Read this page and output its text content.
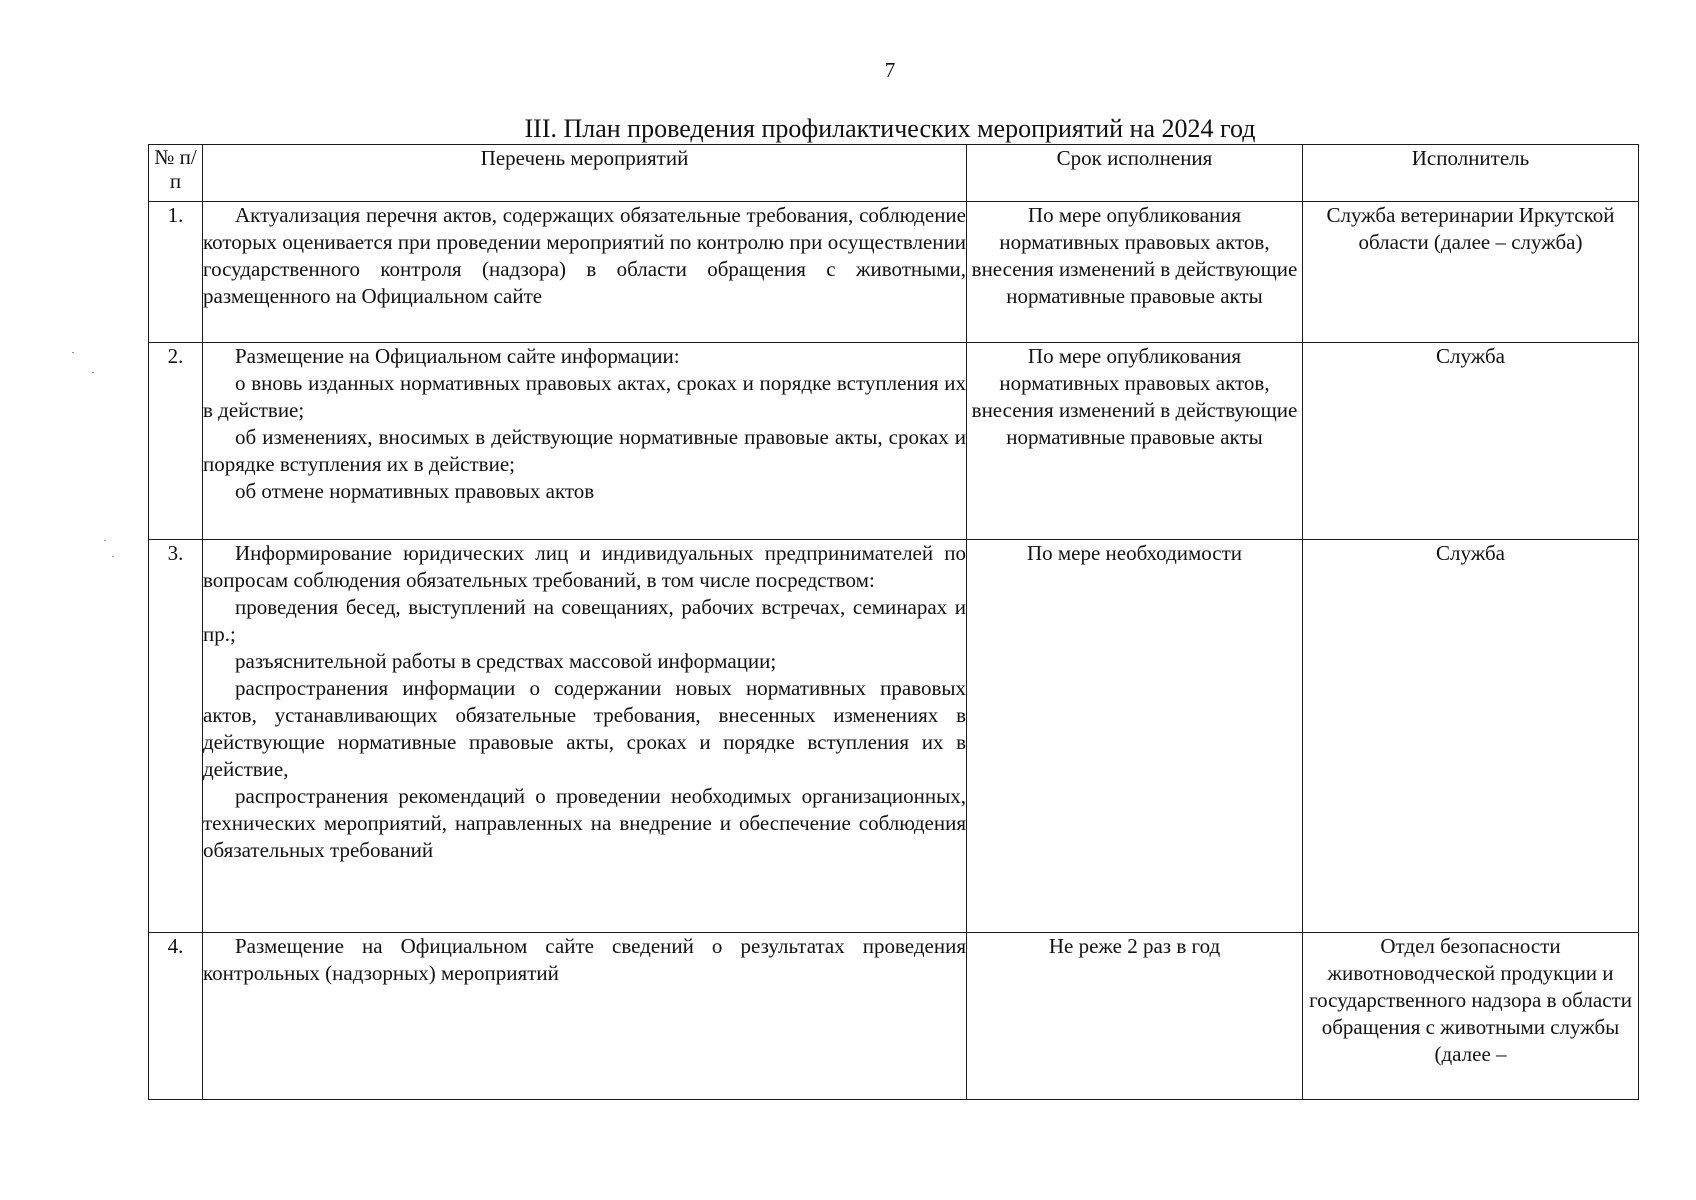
7
III. План проведения профилактических мероприятий на 2024 год
№ п/п	Перечень мероприятий	Срок исполнения	Исполнитель
1.	Актуализация перечня актов, содержащих обязательные требования, соблюдение которых оценивается при проведении мероприятий по контролю при осуществлении государственного контроля (надзора) в области обращения с животными, размещенного на Официальном сайте	По мере опубликования нормативных правовых актов, внесения изменений в действующие нормативные правовые акты	Служба ветеринарии Иркутской области (далее – служба)
2.	Размещение на Официальном сайте информации:

о вновь изданных нормативных правовых актах, сроках и порядке вступления их в действие;

об изменениях, вносимых в действующие нормативные правовые акты, сроках и порядке вступления их в действие;

об отмене нормативных правовых актов	По мере опубликования нормативных правовых актов, внесения изменений в действующие нормативные правовые акты	Служба
3.	Информирование юридических лиц и индивидуальных предпринимателей по вопросам соблюдения обязательных требований, в том числе посредством:

проведения бесед, выступлений на совещаниях, рабочих встречах, семинарах и пр.;

разъяснительной работы в средствах массовой информации;

распространения информации о содержании новых нормативных правовых актов, устанавливающих обязательные требования, внесенных изменениях в действующие нормативные правовые акты, сроках и порядке вступления их в действие,

распространения рекомендаций о проведении необходимых организационных, технических мероприятий, направленных на внедрение и обеспечение соблюдения обязательных требований	По мере необходимости	Служба
4.	Размещение на Официальном сайте сведений о результатах проведения контрольных (надзорных) мероприятий	Не реже 2 раз в год	Отдел безопасности животноводческой продукции и государственного надзора в области обращения с животными службы (далее –
